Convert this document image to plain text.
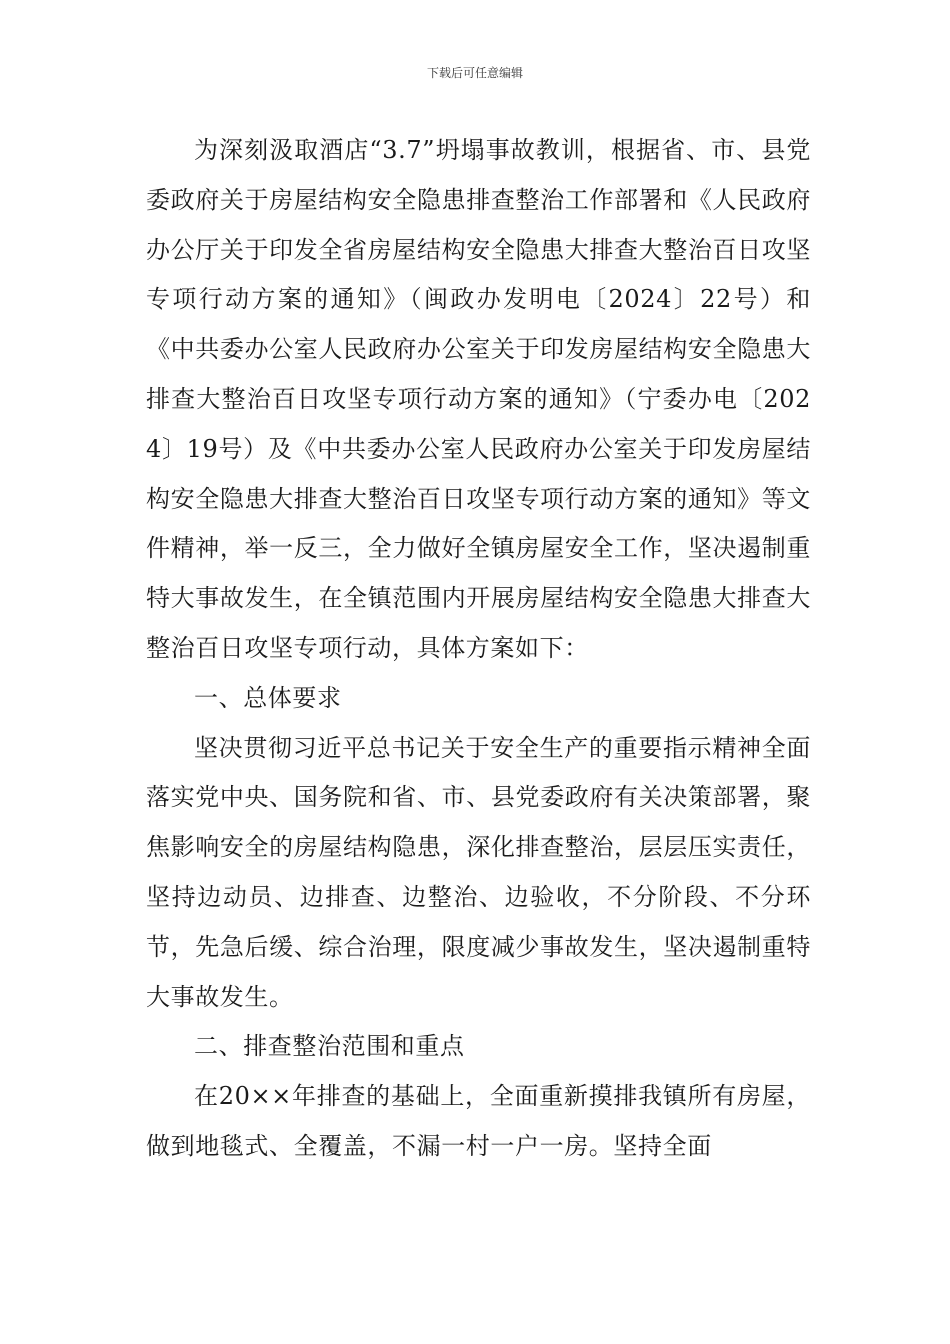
下载后可任意编辑

为深刻汲取酒店“3.7”坍塌事故教训，根据省、市、县党委政府关于房屋结构安全隐患排查整治工作部署和《人民政府办公厅关于印发全省房屋结构安全隐患大排查大整治百日攻坚专项行动方案的通知》（闽政办发明电〔2024〕22号）和《中共委办公室人民政府办公室关于印发房屋结构安全隐患大排查大整治百日攻坚专项行动方案的通知》（宁委办电〔2024〕19号）及《中共委办公室人民政府办公室关于印发房屋结构安全隐患大排查大整治百日攻坚专项行动方案的通知》等文件精神，举一反三，全力做好全镇房屋安全工作，坚决遏制重特大事故发生，在全镇范围内开展房屋结构安全隐患大排查大整治百日攻坚专项行动，具体方案如下：

一、总体要求

坚决贯彻习近平总书记关于安全生产的重要指示精神全面落实党中央、国务院和省、市、县党委政府有关决策部署，聚焦影响安全的房屋结构隐患，深化排查整治，层层压实责任，坚持边动员、边排查、边整治、边验收，不分阶段、不分环节，先急后缓、综合治理，限度减少事故发生，坚决遏制重特大事故发生。

二、排查整治范围和重点

在20××年排查的基础上，全面重新摸排我镇所有房屋，做到地毯式、全覆盖，不漏一村一户一房。坚持全面
